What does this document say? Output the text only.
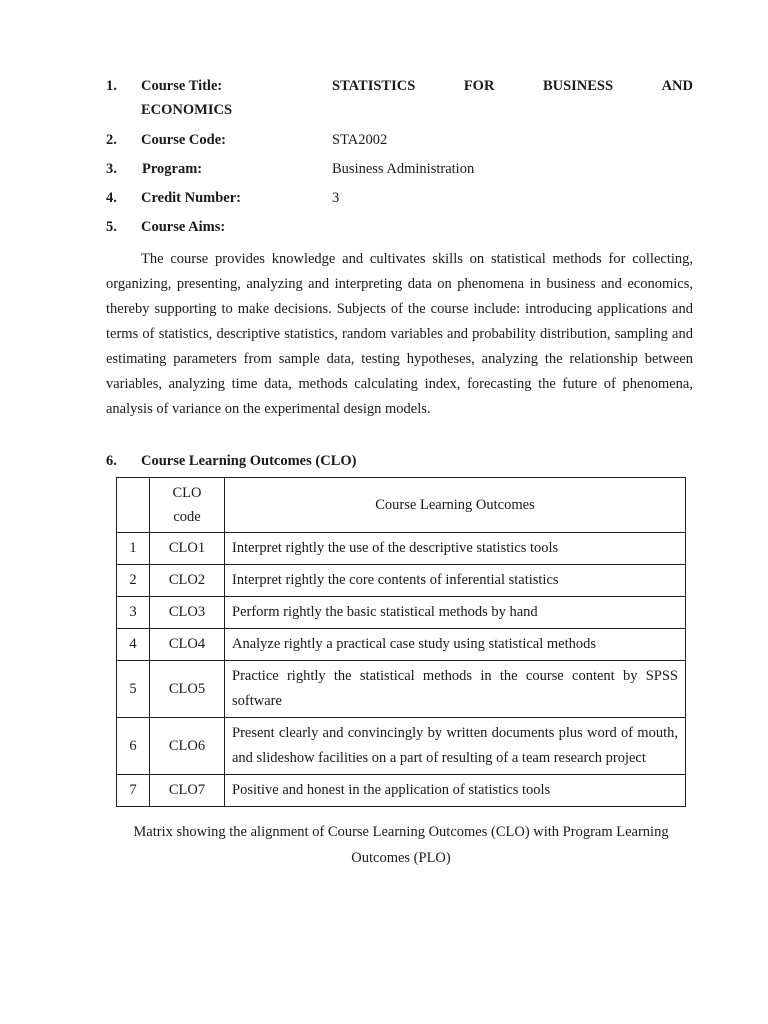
1. Course Title:	STATISTICS	FOR	BUSINESS	AND
ECONOMICS
2. Course Code:	STA2002
3. Program:	Business Administration
4. Credit Number:	3
5. Course Aims:

The course provides knowledge and cultivates skills on statistical methods for collecting, organizing, presenting, analyzing and interpreting data on phenomena in business and economics, thereby supporting to make decisions. Subjects of the course include: introducing applications and terms of statistics, descriptive statistics, random variables and probability distribution, sampling and estimating parameters from sample data, testing hypotheses, analyzing the relationship between variables, analyzing time data, methods calculating index, forecasting the future of phenomena, analysis of variance on the experimental design models.

6. Course Learning Outcomes (CLO)
	CLO
code	Course Learning Outcomes
1	CLO1	Interpret rightly the use of the descriptive statistics tools
2	CLO2	Interpret rightly the core contents of inferential statistics
3	CLO3	Perform rightly the basic statistical methods by hand
4	CLO4	Analyze rightly a practical case study using statistical methods
5	CLO5	Practice rightly the statistical methods in the course content by SPSS software
6	CLO6	Present clearly and convincingly by written documents plus word of mouth, and slideshow facilities on a part of resulting of a team research project
7	CLO7	Positive and honest in the application of statistics tools
Matrix showing the alignment of Course Learning Outcomes (CLO) with Program Learning Outcomes (PLO)
